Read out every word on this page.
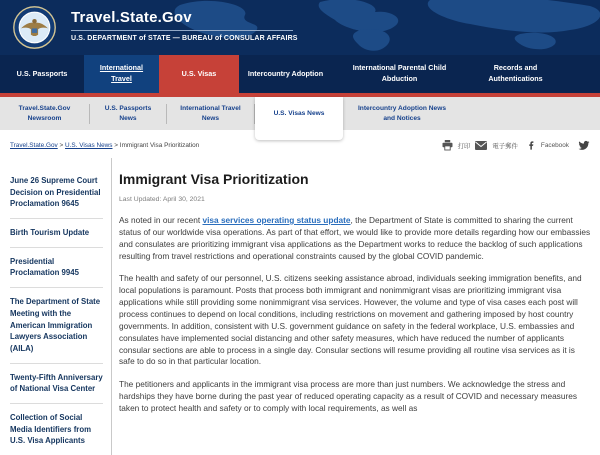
Travel.State.Gov
U.S. DEPARTMENT of STATE — BUREAU of CONSULAR AFFAIRS
U.S. Passports
International Travel
U.S. Visas	Intercountry Adoption
International Parental Child Abduction
Records and Authentications
Travel.State.Gov Newsroom
U.S. Passports News
International Travel News
U.S. Visas News
Intercountry Adoption News and Notices
Travel.State.Gov > U.S. Visas News > Immigrant Visa Prioritization	打印	電子郵件	Facebook
June 26 Supreme Court Decision on Presidential Proclamation 9645
Birth Tourism Update
Presidential Proclamation 9945
The Department of State Meeting with the American Immigration Lawyers Association (AILA)
Twenty-Fifth Anniversary of National Visa Center
Collection of Social Media Identifiers from U.S. Visa Applicants
Immigrant Visa Prioritization
Last Updated: April 30, 2021

As noted in our recent visa services operating status update, the Department of State is committed to sharing the current status of our worldwide visa operations. As part of that effort, we would like to provide more details regarding how our embassies and consulates are prioritizing immigrant visa applications as the Department works to reduce the backlog of such applications resulting from travel restrictions and operational constraints caused by the global COVID pandemic.

The health and safety of our personnel, U.S. citizens seeking assistance abroad, individuals seeking immigration benefits, and local populations is paramount. Posts that process both immigrant and nonimmigrant visas are prioritizing immigrant visa applications while still providing some nonimmigrant visa services. However, the volume and type of visa cases each post will process continues to depend on local conditions, including restrictions on movement and gathering imposed by host country governments. In addition, consistent with U.S. government guidance on safety in the federal workplace, U.S. embassies and consulates have implemented social distancing and other safety measures, which have reduced the number of applicants consular sections are able to process in a single day. Consular sections will resume providing all routine visa services as it is safe to do so in that particular location.

The petitioners and applicants in the immigrant visa process are more than just numbers. We acknowledge the stress and hardships they have borne during the past year of reduced operating capacity as a result of COVID and necessary measures taken to protect health and safety or to comply with local requirements, as well as
